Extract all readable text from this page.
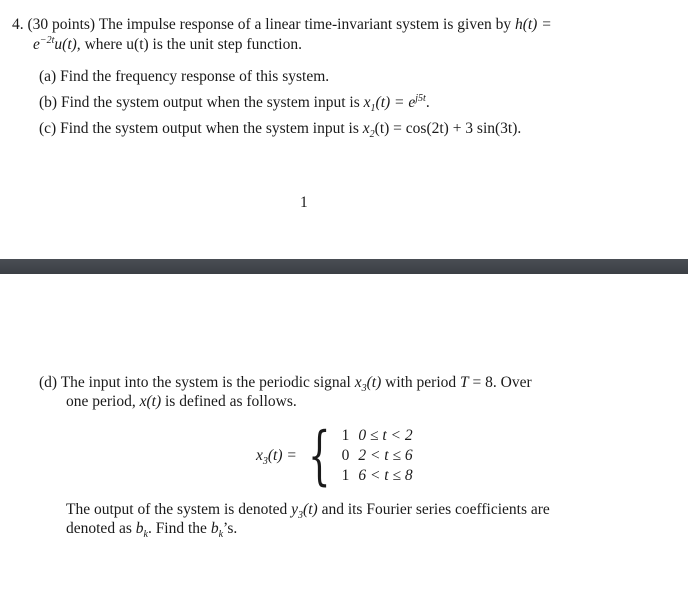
4. (30 points) The impulse response of a linear time-invariant system is given by h(t) =
$e^{-2t}u(t)$, where u(t) is the unit step function.
(a) Find the frequency response of this system.
(b) Find the system output when the system input is $x_1(t) = e^{j5t}$.
(c) Find the system output when the system input is $x_2(t) = \cos(2t) + 3$ sin(3t).
1
(d) The input into the system is the periodic signal $x_3(t)$ with period T = 8. Over
one period, x(t) is defined as follows.
$x_3(t)$ = { 1 0 ≤ t < 2
0 2 < t ≤ 6
1 6 < t ≤ 8
The output of the system is denoted $y_3(t)$ and its Fourier series coefficients are
denoted as $b_k$. Find the $b_k’s$.
